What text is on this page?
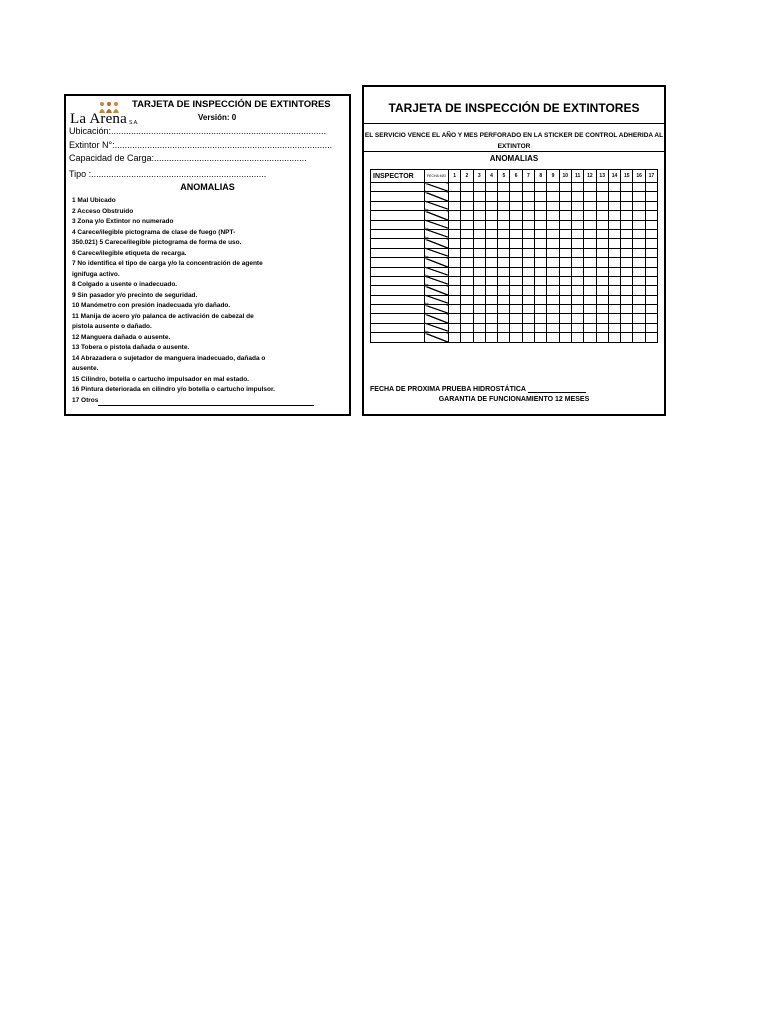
La Arena S.A.
TARJETA DE INSPECCIÓN DE EXTINTORES
Versión: 0
Ubicación:......................................................................................
Extintor N°:.......................................................................................
Capacidad de Carga:.............................................................
Tipo :......................................................................
ANOMALIAS
1 Mal Ubicado
2 Acceso Obstruido
3 Zona y/o Extintor no numerado
4 Carece/ilegible pictograma de clase de fuego (NPT-
350.021) 5 Carece/ilegible pictograma de forma de uso.
6 Carece/ilegible etiqueta de recarga.
7 No identifica el tipo de carga y/o la concentración de agente
ignifuga activo.
8 Colgado a usente o inadecuado.
9 Sin pasador y/o precinto de seguridad.
10 Manómetro con presión inadecuada y/o dañado.
11 Manija de acero y/o palanca de activación de cabezal de
pistola ausente o dañado.
12 Manguera dañada o ausente.
13 Tobera o pistola dañada o ausente.
14 Abrazadera o sujetador de manguera inadecuado, dañada o
ausente.
15 Cilindro, botella o cartucho impulsador en mal estado.
16 Pintura deteriorada en cilindro y/o botella o cartucho impulsor.
17 Otros
TARJETA DE INSPECCIÓN DE EXTINTORES
EL SERVICIO VENCE EL AÑO Y MES PERFORADO EN LA STICKER DE CONTROL ADHERIDA AL EXTINTOR
ANOMALIAS
INSPECTOR	FECHA M/D	1	2	3	4	5	6	7	8	9	10	11	12	13	14	15	16	17

FECHA DE PROXIMA PRUEBA HIDROSTÁTICA
GARANTIA DE FUNCIONAMIENTO 12 MESES
